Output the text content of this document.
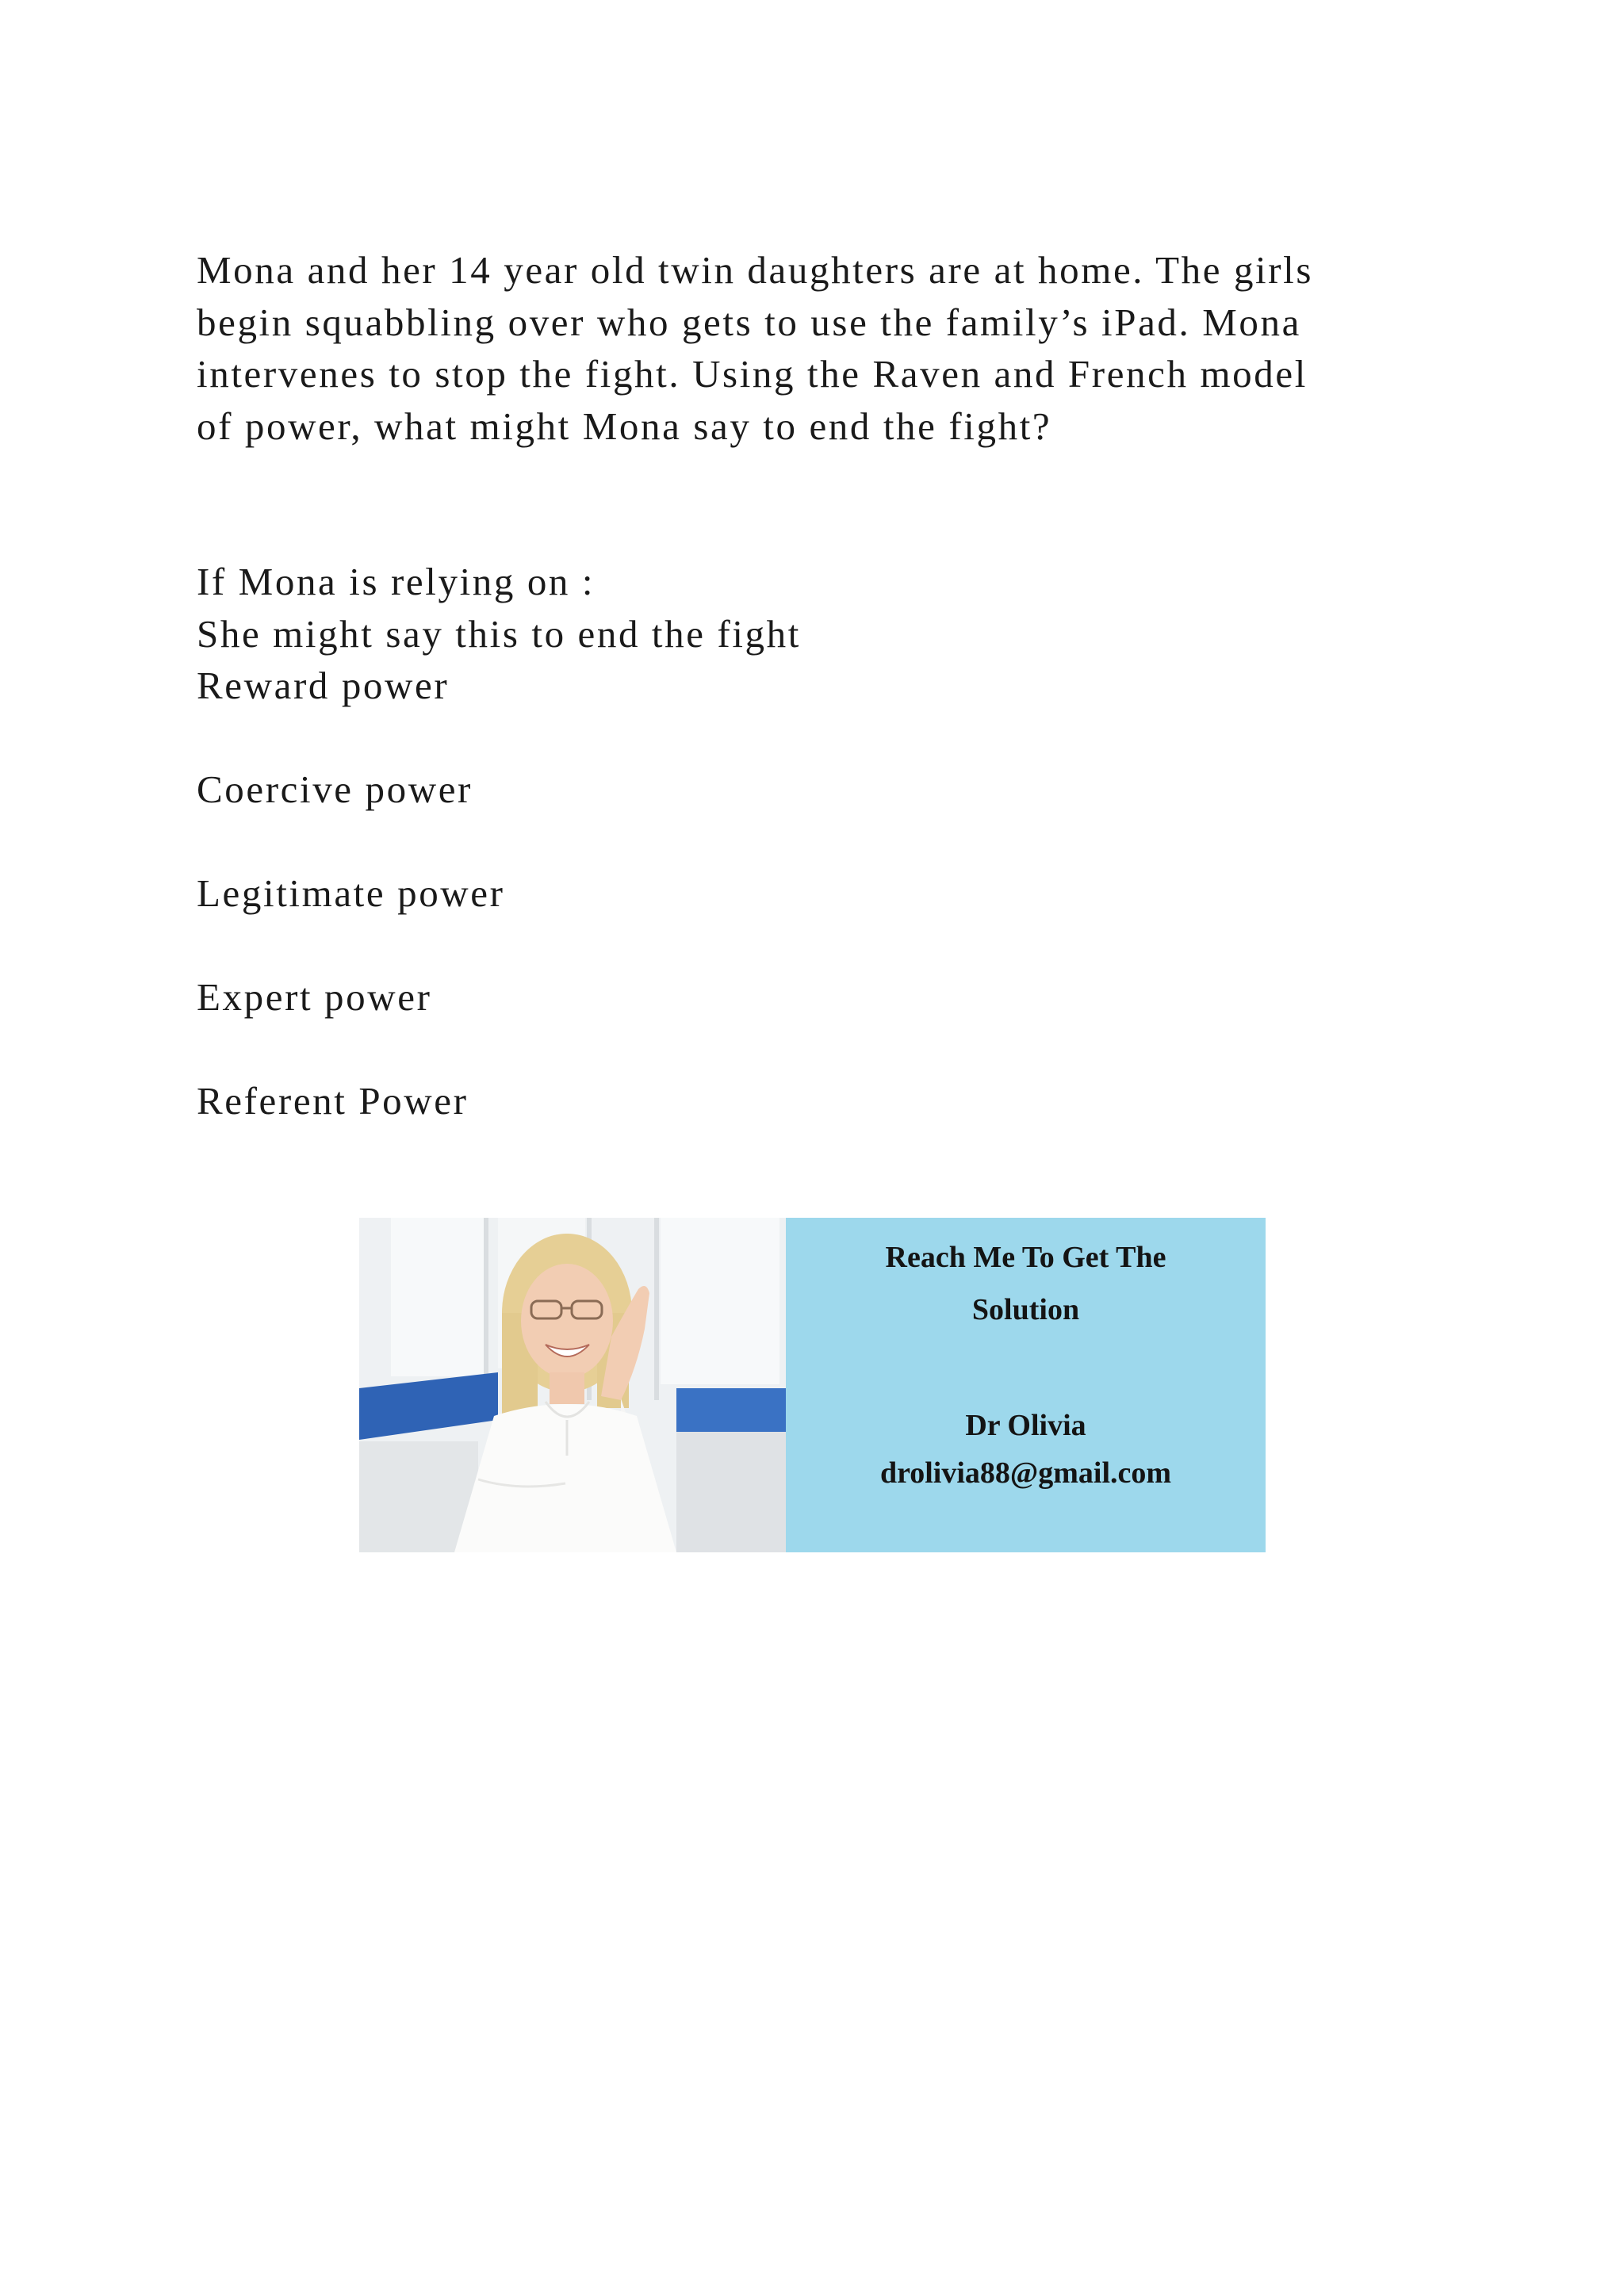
Mona and her 14 year old twin daughters are at home. The girls

begin squabbling over who gets to use the family’s iPad. Mona

intervenes to stop the fight. Using the Raven and French model

of power, what might Mona say to end the fight?

If Mona is relying on :

She might say this to end the fight

Reward power

Coercive power

Legitimate power

Expert power

Referent Power

Reach Me To Get The
Solution
Dr Olivia
drolivia88@gmail.com
